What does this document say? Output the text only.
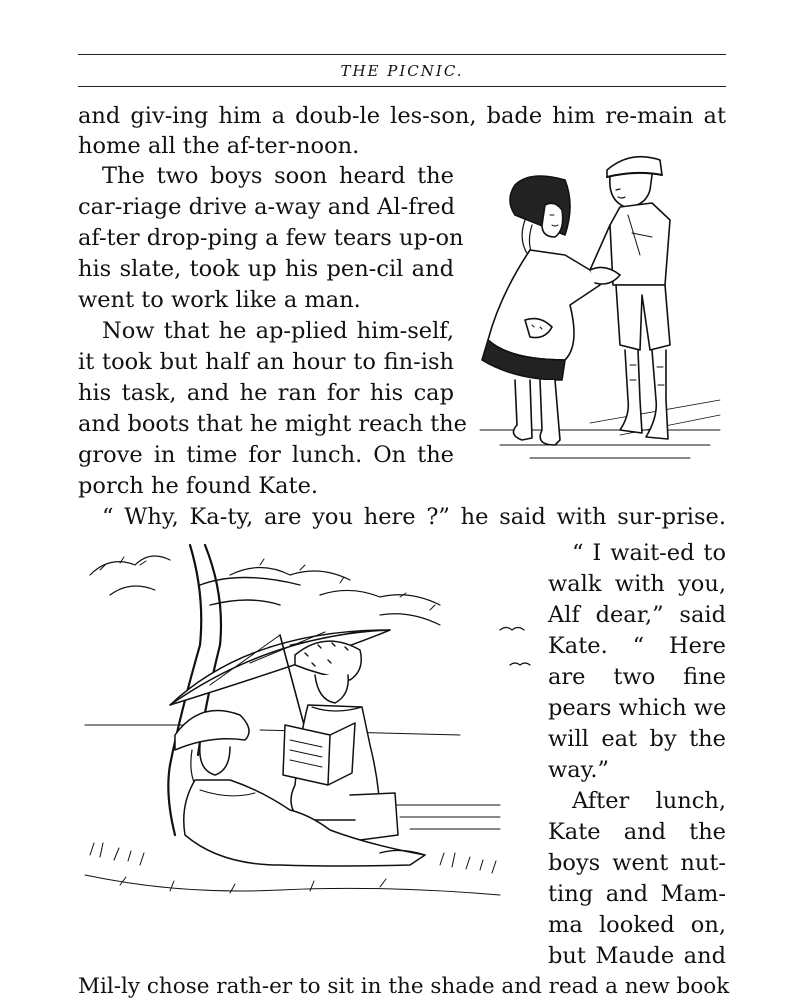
THE PICNIC.
and giv-ing him a doub-le les-son, bade him re-main at
home all the af-ter-noon.
The two boys soon heard the
car-riage drive a-way and Al-fred
af-ter drop-ping a few tears up-on
his slate, took up his pen-cil and
went to work like a man.
Now that he ap-plied him-self,
it took but half an hour to fin-ish
his task, and he ran for his cap
and boots that he might reach the
grove in time for lunch. On the
porch he found Kate.
“ Why, Ka-ty, are you here ?” he said with sur-prise.
“ I wait-ed to
walk with you,
Alf dear,” said
Kate. “ Here
are two fine
pears which we
will eat by the
way.”
After lunch,
Kate and the
boys went nut-
ting and Mam-
ma looked on,
but Maude and
Mil-ly chose rath-er to sit in the shade and read a new book
